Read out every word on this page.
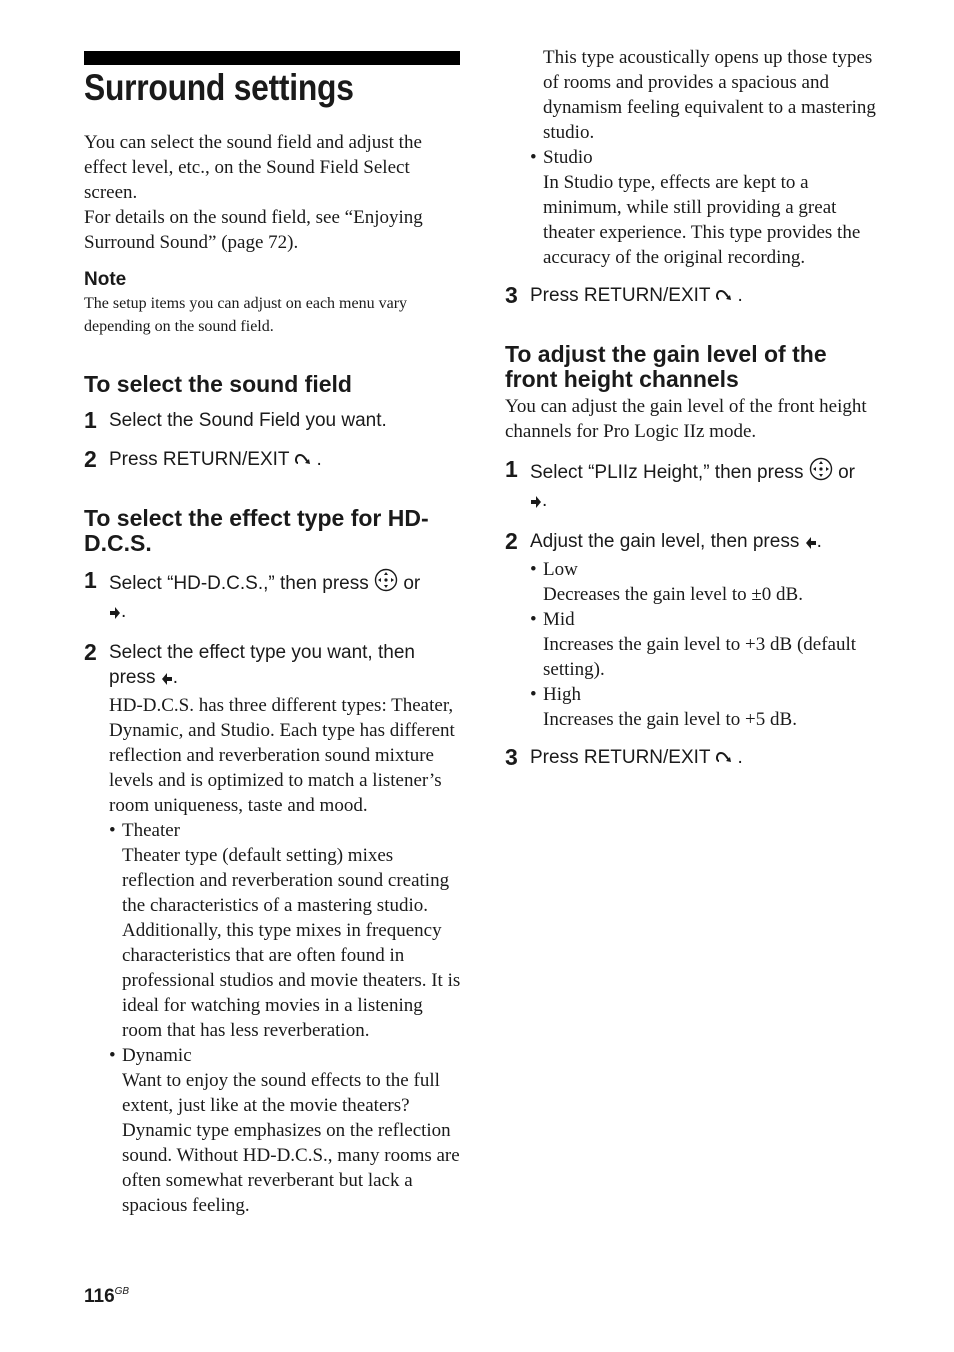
Surround settings

You can select the sound field and adjust the effect level, etc., on the Sound Field Select screen.

For details on the sound field, see “Enjoying Surround Sound” (page 72).

Note

The setup items you can adjust on each menu vary depending on the sound field.

To select the sound field
1 Select the Sound Field you want.

2 Press RETURN/EXIT .

To select the effect type for HD-D.C.S.
1 Select “HD-D.C.S.,” then press or
.

2 Select the effect type you want, then press .

HD-D.C.S. has three different types: Theater, Dynamic, and Studio. Each type has different reflection and reverberation sound mixture levels and is optimized to match a listener’s room uniqueness, taste and mood.

• Theater
Theater type (default setting) mixes reflection and reverberation sound creating the characteristics of a mastering studio. Additionally, this type mixes in frequency characteristics that are often found in professional studios and movie theaters. It is ideal for watching movies in a listening room that has less reverberation.
• Dynamic
Want to enjoy the sound effects to the full extent, just like at the movie theaters? Dynamic type emphasizes on the reflection sound. Without HD-D.C.S., many rooms are often somewhat reverberant but lack a spacious feeling.
This type acoustically opens up those types of rooms and provides a spacious and dynamism feeling equivalent to a mastering studio.
• Studio
In Studio type, effects are kept to a minimum, while still providing a great theater experience. This type provides the accuracy of the original recording.
3 Press RETURN/EXIT .

To adjust the gain level of the front height channels

You can adjust the gain level of the front height channels for Pro Logic IIz mode.

1 Select “PLIIz Height,” then press or
.

2 Adjust the gain level, then press .

• Low
Decreases the gain level to ±0 dB.
• Mid
Increases the gain level to +3 dB (default setting).
• High
Increases the gain level to +5 dB.
3 Press RETURN/EXIT .

$116^{GB}$
